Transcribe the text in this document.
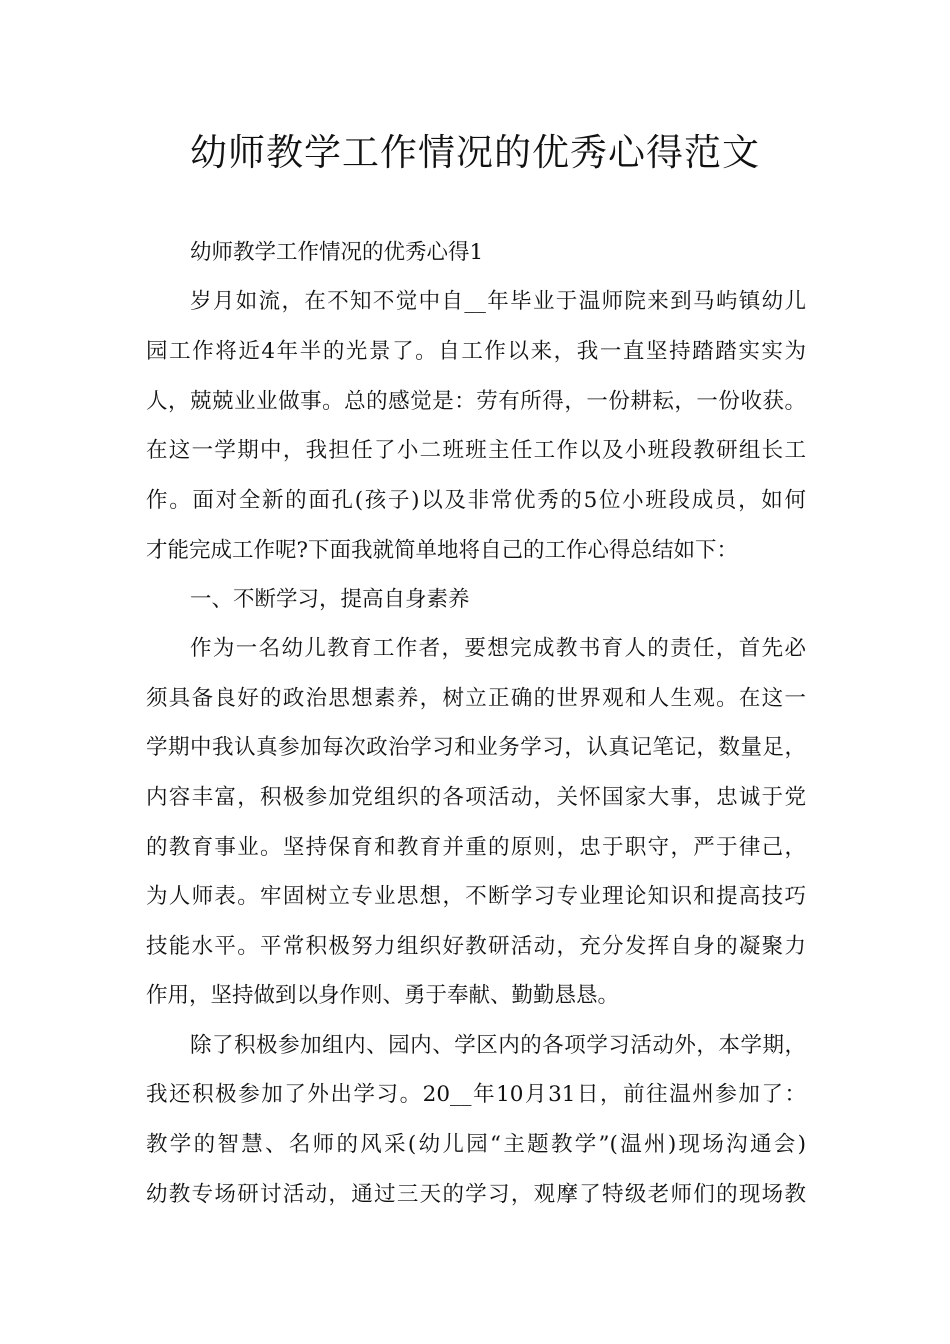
幼师教学工作情况的优秀心得范文
幼师教学工作情况的优秀心得1
岁月如流，在不知不觉中自__年毕业于温师院来到马屿镇幼儿
园工作将近4年半的光景了。自工作以来，我一直坚持踏踏实实为
人，兢兢业业做事。总的感觉是：劳有所得，一份耕耘，一份收获。
在这一学期中，我担任了小二班班主任工作以及小班段教研组长工
作。面对全新的面孔(孩子)以及非常优秀的5位小班段成员，如何
才能完成工作呢?下面我就简单地将自己的工作心得总结如下：
一、不断学习，提高自身素养
作为一名幼儿教育工作者，要想完成教书育人的责任，首先必
须具备良好的政治思想素养，树立正确的世界观和人生观。在这一
学期中我认真参加每次政治学习和业务学习，认真记笔记，数量足，
内容丰富，积极参加党组织的各项活动，关怀国家大事，忠诚于党
的教育事业。坚持保育和教育并重的原则，忠于职守，严于律己，
为人师表。牢固树立专业思想，不断学习专业理论知识和提高技巧
技能水平。平常积极努力组织好教研活动，充分发挥自身的凝聚力
作用，坚持做到以身作则、勇于奉献、勤勤恳恳。
除了积极参加组内、园内、学区内的各项学习活动外，本学期，
我还积极参加了外出学习。20__年10月31日，前往温州参加了：
教学的智慧、名师的风采(幼儿园“主题教学”(温州)现场沟通会)
幼教专场研讨活动，通过三天的学习，观摩了特级老师们的现场教
